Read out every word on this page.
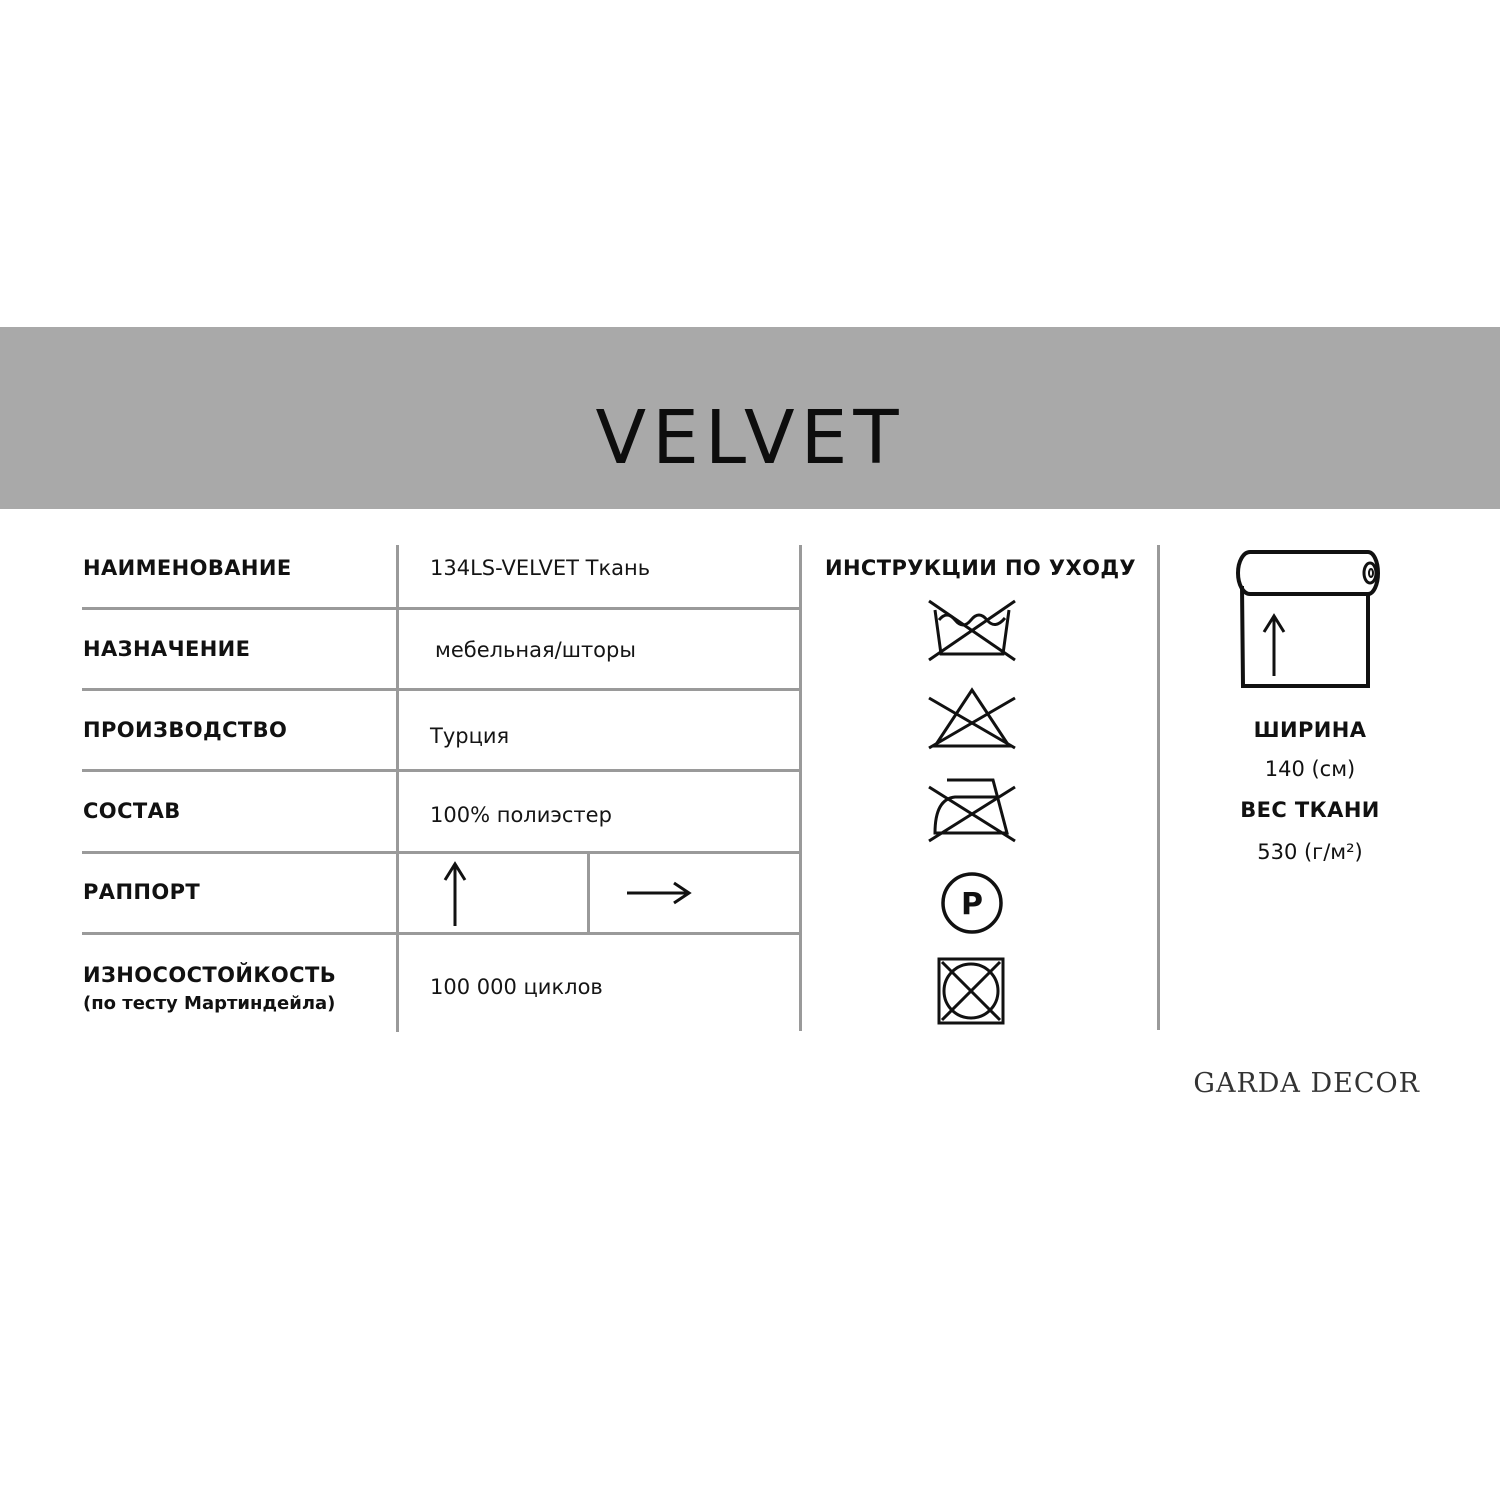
VELVET
НАИМЕНОВАНИЕ
НАЗНАЧЕНИЕ
ПРОИЗВОДСТВО
СОСТАВ
РАППОРТ
ИЗНОСОСТОЙКОСТЬ
(по тесту Мартиндейла)
134LS-VELVET Ткань
мебельная/шторы
Турция
100% полиэстер
100 000 циклов
ИНСТРУКЦИИ ПО УХОДУ
P
ШИРИНА
140 (см)
ВЕС ТКАНИ
530 (г/м²)
GARDA DECOR
